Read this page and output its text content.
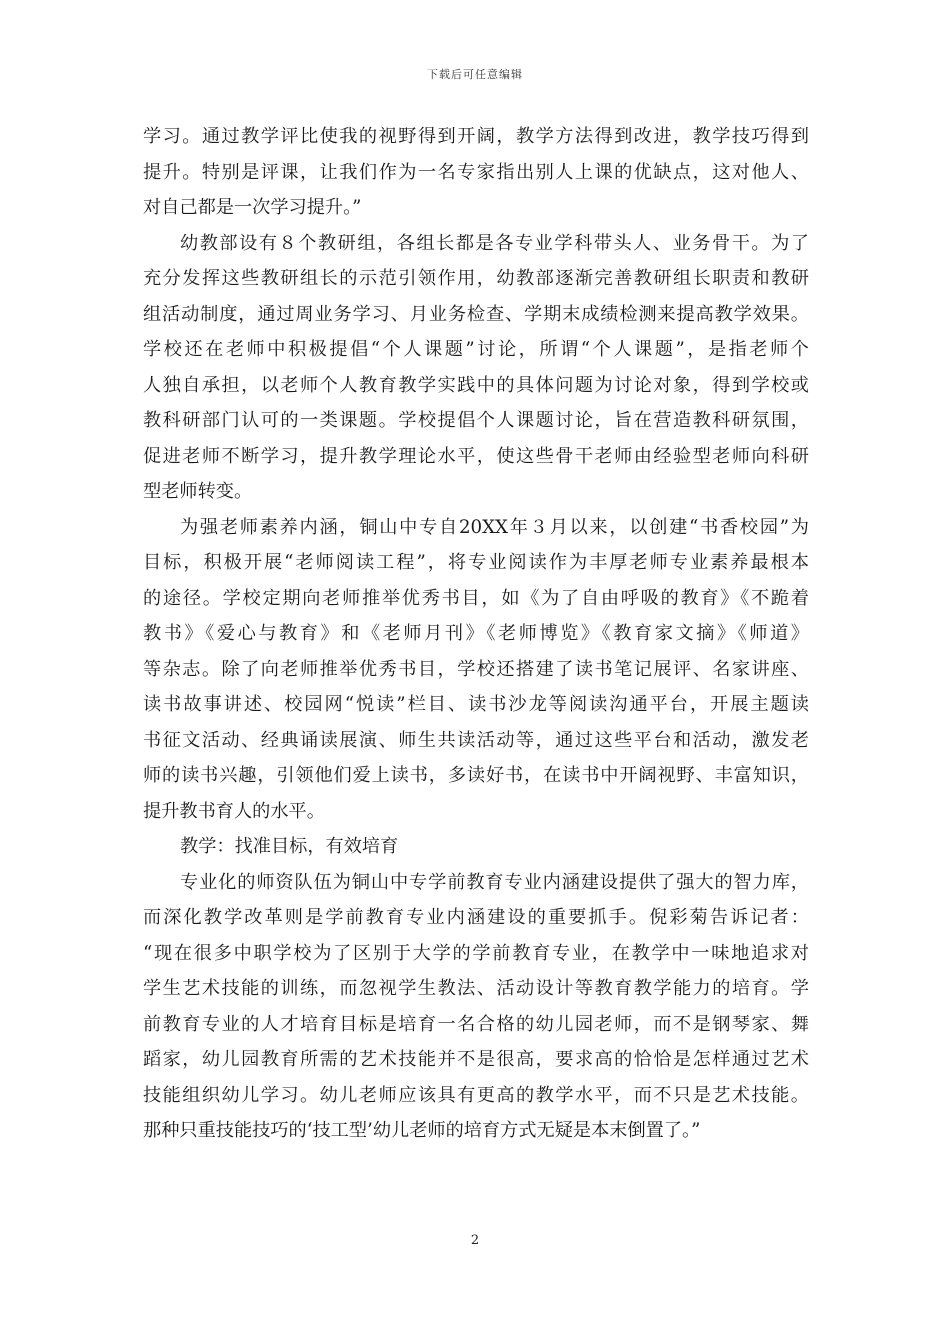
下载后可任意编辑
学习。通过教学评比使我的视野得到开阔，教学方法得到改进，教学技巧得到
提升。特别是评课，让我们作为一名专家指出别人上课的优缺点，这对他人、
对自己都是一次学习提升。”
幼教部设有８个教研组，各组长都是各专业学科带头人、业务骨干。为了
充分发挥这些教研组长的示范引领作用，幼教部逐渐完善教研组长职责和教研
组活动制度，通过周业务学习、月业务检查、学期末成绩检测来提高教学效果。
学校还在老师中积极提倡“个人课题”讨论，所谓“个人课题”，是指老师个
人独自承担，以老师个人教育教学实践中的具体问题为讨论对象，得到学校或
教科研部门认可的一类课题。学校提倡个人课题讨论，旨在营造教科研氛围，
促进老师不断学习，提升教学理论水平，使这些骨干老师由经验型老师向科研
型老师转变。
为强老师素养内涵，铜山中专自20XX年３月以来，以创建“书香校园”为
目标，积极开展“老师阅读工程”，将专业阅读作为丰厚老师专业素养最根本
的途径。学校定期向老师推举优秀书目，如《为了自由呼吸的教育》《不跪着
教书》《爱心与教育》和《老师月刊》《老师博览》《教育家文摘》《师道》
等杂志。除了向老师推举优秀书目，学校还搭建了读书笔记展评、名家讲座、
读书故事讲述、校园网“悦读”栏目、读书沙龙等阅读沟通平台，开展主题读
书征文活动、经典诵读展演、师生共读活动等，通过这些平台和活动，激发老
师的读书兴趣，引领他们爱上读书，多读好书，在读书中开阔视野、丰富知识，
提升教书育人的水平。
教学：找准目标，有效培育
专业化的师资队伍为铜山中专学前教育专业内涵建设提供了强大的智力库，
而深化教学改革则是学前教育专业内涵建设的重要抓手。倪彩菊告诉记者：
“现在很多中职学校为了区别于大学的学前教育专业，在教学中一味地追求对
学生艺术技能的训练，而忽视学生教法、活动设计等教育教学能力的培育。学
前教育专业的人才培育目标是培育一名合格的幼儿园老师，而不是钢琴家、舞
蹈家，幼儿园教育所需的艺术技能并不是很高，要求高的恰恰是怎样通过艺术
技能组织幼儿学习。幼儿老师应该具有更高的教学水平，而不只是艺术技能。
那种只重技能技巧的‘技工型’幼儿老师的培育方式无疑是本末倒置了。”
2
